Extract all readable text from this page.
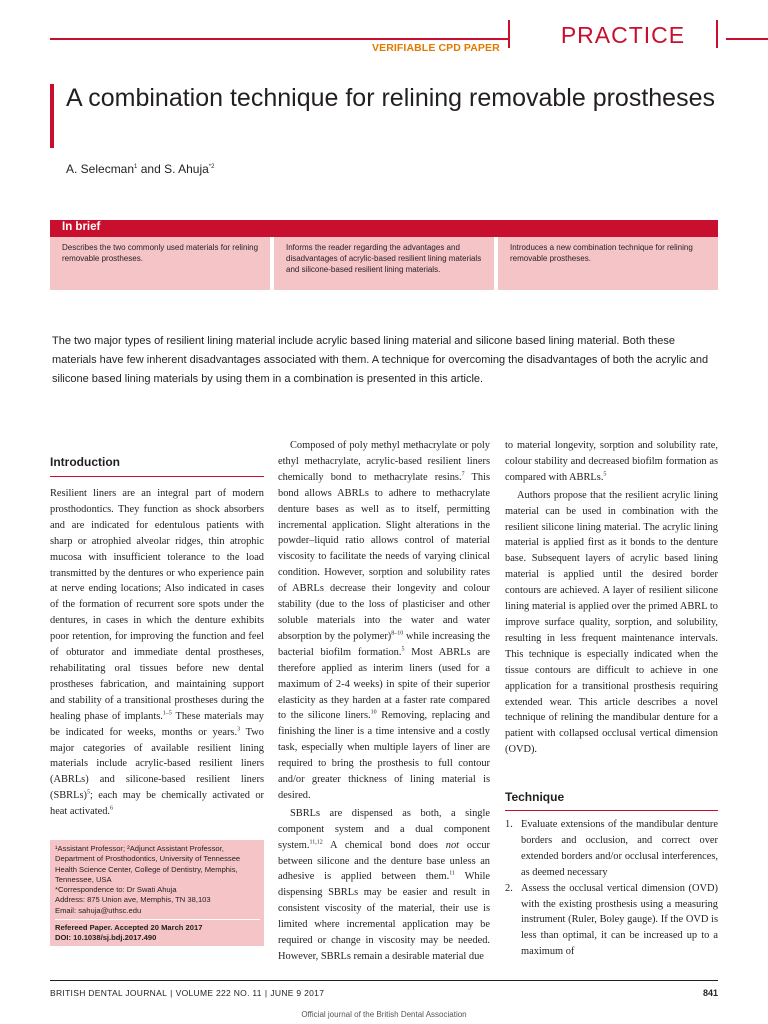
VERIFIABLE CPD PAPER	PRACTICE
A combination technique for relining removable prostheses
A. Selecman$^1$ and S. Ahuja$^{*2}$
In brief
Describes the two commonly used materials for relining removable prostheses.
Informs the reader regarding the advantages and disadvantages of acrylic-based resilient lining materials and silicone-based resilient lining materials.
Introduces a new combination technique for relining removable prostheses.

The two major types of resilient lining material include acrylic based lining material and silicone based lining material. Both these materials have few inherent disadvantages associated with them. A technique for overcoming the disadvantages of both the acrylic and silicone based lining materials by using them in a combination is presented in this article.

Introduction

Resilient liners are an integral part of modern prosthodontics. They function as shock absorbers and are indicated for edentulous patients with sharp or atrophied alveolar ridges, thin atrophic mucosa with insufficient tolerance to the load transmitted by the dentures or who experience pain at nerve ending locations; Also indicated in cases of the formation of recurrent sore spots under the dentures, in cases in which the denture exhibits poor retention, for improving the function and feel of obturator and immediate dental prostheses, rehabilitating oral tissues before new dental prostheses fabrication, and maintaining support and stability of a transitional prostheses during the healing phase of implants.$^{1-5}$ These materials may be indicated for weeks, months or years.$^3$ Two major categories of available resilient lining materials include acrylic-based resilient liners (ABRLs) and silicone-based resilient liners (SBRLs)$^5$; each may be chemically activated or heat activated.$^6$

¹Assistant Professor; ²Adjunct Assistant Professor, Department of Prosthodontics, University of Tennessee Health Science Center, College of Dentistry, Memphis, Tennessee, USA
*Correspondence to: Dr Swati Ahuja
Address: 875 Union ave, Memphis, TN 38,103
Email: sahuja@uthsc.edu
Refereed Paper. Accepted 20 March 2017
DOI: 10.1038/sj.bdj.2017.490

Composed of poly methyl methacrylate or poly ethyl methacrylate, acrylic-based resilient liners chemically bond to methacrylate resins.$^7$ This bond allows ABRLs to adhere to methacrylate denture bases as well as to itself, permitting incremental application. Slight alterations in the powder–liquid ratio allows control of material viscosity to facilitate the needs of varying clinical condition. However, sorption and solubility rates of ABRLs decrease their longevity and colour stability (due to the loss of plasticiser and other soluble materials into the water and water absorption by the polymer)$^{8-10}$ while increasing the bacterial biofilm formation.$^5$ Most ABRLs are therefore applied as interim liners (used for a maximum of 2-4 weeks) in spite of their superior elasticity as they harden at a faster rate compared to the silicone liners.$^{10}$ Removing, replacing and finishing the liner is a time intensive and a costly task, especially when multiple layers of liner are required to bring the prosthesis to full contour and/or greater thickness of lining material is desired.

SBRLs are dispensed as both, a single component system and a dual component system.$^{11,12}$ A chemical bond does not occur between silicone and the denture base unless an adhesive is applied between them.$^{11}$ While dispensing SBRLs may be easier and result in consistent viscosity of the material, their use is limited where incremental application may be required or change in viscosity may be needed. However, SBRLs remain a desirable material due

to material longevity, sorption and solubility rate, colour stability and decreased biofilm formation as compared with ABRLs.$^5$

Authors propose that the resilient acrylic lining material can be used in combination with the resilient silicone lining material. The acrylic lining material is applied first as it bonds to the denture base. Subsequent layers of acrylic based lining material is applied until the desired border contours are achieved. A layer of resilient silicone lining material is applied over the primed ABRL to improve surface quality, sorption, and solubility, resulting in less frequent maintenance intervals. This technique is especially indicated when the tissue contours are difficult to achieve in one application for a transitional prosthesis requiring extended wear. This article describes a novel technique of relining the mandibular denture for a patient with collapsed occlusal vertical dimension (OVD).

Technique
1. Evaluate extensions of the mandibular denture borders and occlusion, and correct over extended borders and/or occlusal interferences, as deemed necessary
2. Assess the occlusal vertical dimension (OVD) with the existing prosthesis using a measuring instrument (Ruler, Boley gauge). If the OVD is less than optimal, it can be increased up to a maximum of
BRITISH DENTAL JOURNAL | VOLUME 222 NO. 11 | JUNE 9 2017	841
Official journal of the British Dental Association
